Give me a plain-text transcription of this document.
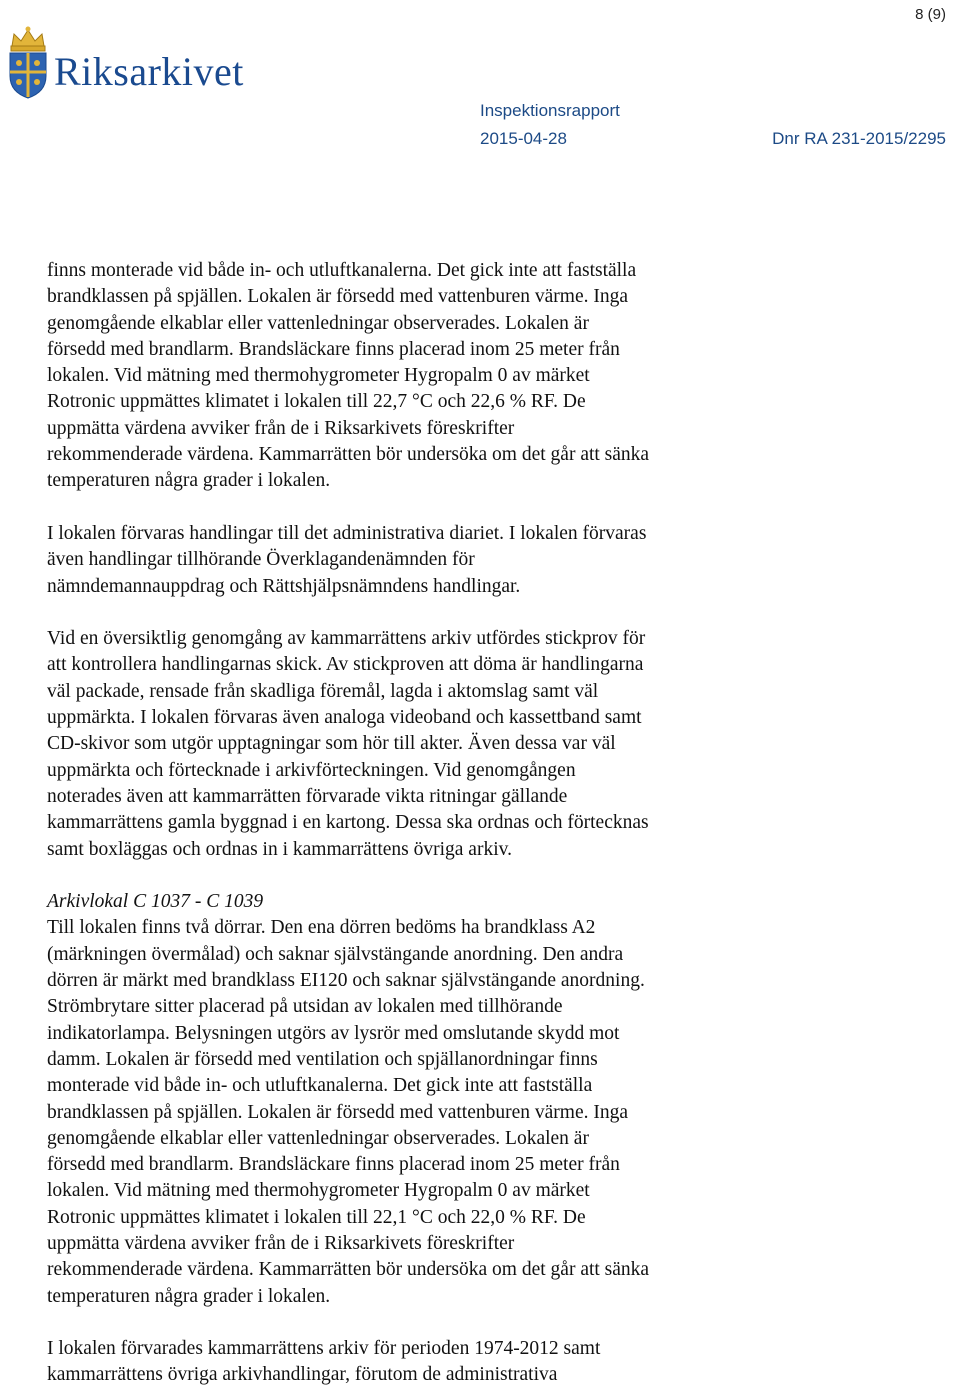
8 (9)
Riksarkivet
Inspektionsrapport
2015-04-28	Dnr RA 231-2015/2295
finns monterade vid både in- och utluftkanalerna. Det gick inte att fastställa
brandklassen på spjällen. Lokalen är försedd med vattenburen värme. Inga
genomgående elkablar eller vattenledningar observerades. Lokalen är
försedd med brandlarm. Brandsläckare finns placerad inom 25 meter från
lokalen. Vid mätning med thermohygrometer Hygropalm 0 av märket
Rotronic uppmättes klimatet i lokalen till 22,7 °C och 22,6 % RF. De
uppmätta värdena avviker från de i Riksarkivets föreskrifter
rekommenderade värdena. Kammarrätten bör undersöka om det går att sänka
temperaturen några grader i lokalen.
I lokalen förvaras handlingar till det administrativa diariet. I lokalen förvaras
även handlingar tillhörande Överklagandenämnden för
nämndemannauppdrag och Rättshjälpsnämndens handlingar.
Vid en översiktlig genomgång av kammarrättens arkiv utfördes stickprov för
att kontrollera handlingarnas skick. Av stickproven att döma är handlingarna
väl packade, rensade från skadliga föremål, lagda i aktomslag samt väl
uppmärkta. I lokalen förvaras även analoga videoband och kassettband samt
CD-skivor som utgör upptagningar som hör till akter. Även dessa var väl
uppmärkta och förtecknade i arkivförteckningen. Vid genomgången
noterades även att kammarrätten förvarade vikta ritningar gällande
kammarrättens gamla byggnad i en kartong. Dessa ska ordnas och förtecknas
samt boxläggas och ordnas in i kammarrättens övriga arkiv.
Arkivlokal C 1037 - C 1039
Till lokalen finns två dörrar. Den ena dörren bedöms ha brandklass A2
(märkningen övermålad) och saknar självstängande anordning. Den andra
dörren är märkt med brandklass EI120 och saknar självstängande anordning.
Strömbrytare sitter placerad på utsidan av lokalen med tillhörande
indikatorlampa. Belysningen utgörs av lysrör med omslutande skydd mot
damm. Lokalen är försedd med ventilation och spjällanordningar finns
monterade vid både in- och utluftkanalerna. Det gick inte att fastställa
brandklassen på spjällen. Lokalen är försedd med vattenburen värme. Inga
genomgående elkablar eller vattenledningar observerades. Lokalen är
försedd med brandlarm. Brandsläckare finns placerad inom 25 meter från
lokalen. Vid mätning med thermohygrometer Hygropalm 0 av märket
Rotronic uppmättes klimatet i lokalen till 22,1 °C och 22,0 % RF. De
uppmätta värdena avviker från de i Riksarkivets föreskrifter
rekommenderade värdena. Kammarrätten bör undersöka om det går att sänka
temperaturen några grader i lokalen.
I lokalen förvarades kammarrättens arkiv för perioden 1974-2012 samt
kammarrättens övriga arkivhandlingar, förutom de administrativa
